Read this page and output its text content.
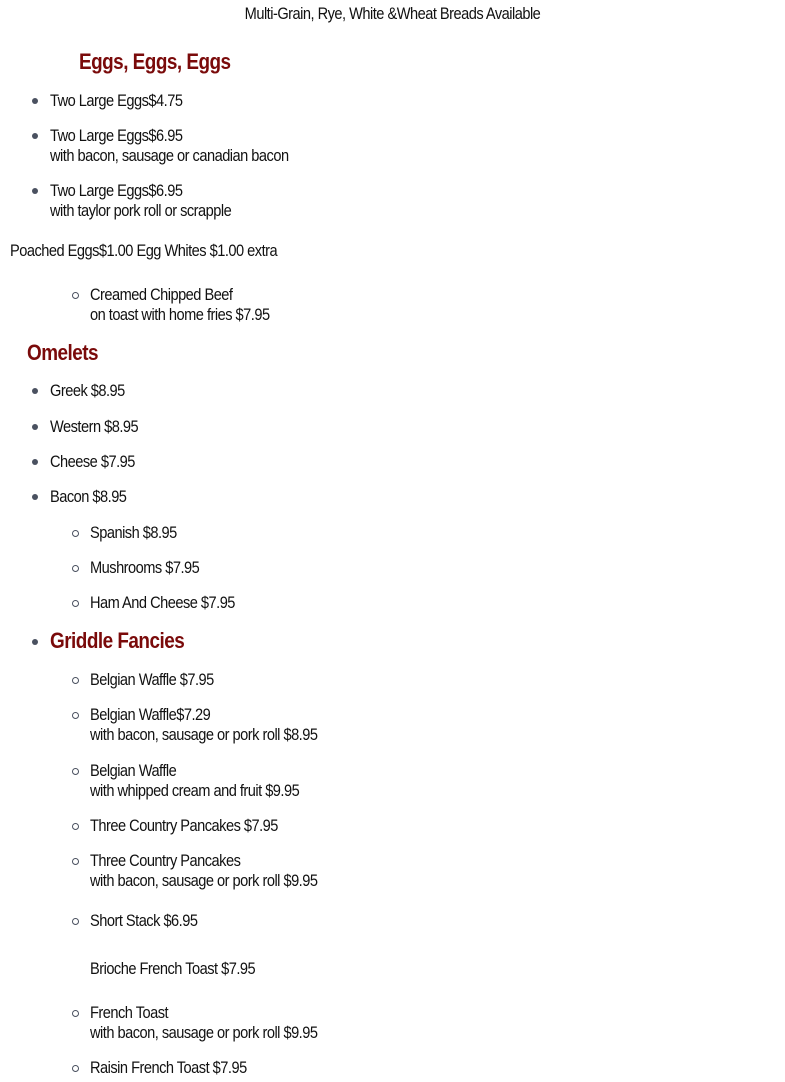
Multi-Grain, Rye, White &Wheat Breads Available
Eggs, Eggs, Eggs
Two Large Eggs$4.75
Two Large Eggs$6.95
with bacon, sausage or canadian bacon
Two Large Eggs$6.95
with taylor pork roll or scrapple
Poached Eggs$1.00 Egg Whites $1.00 extra
Creamed Chipped Beef
on toast with home fries $7.95
Omelets
Greek $8.95
Western $8.95
Cheese $7.95
Bacon $8.95
Spanish $8.95
Mushrooms $7.95
Ham And Cheese $7.95
Griddle Fancies
Belgian Waffle $7.95
Belgian Waffle$7.29
with bacon, sausage or pork roll $8.95
Belgian Waffle
with whipped cream and fruit $9.95
Three Country Pancakes $7.95
Three Country Pancakes
with bacon, sausage or pork roll $9.95
Short Stack $6.95
Brioche French Toast $7.95
French Toast
with bacon, sausage or pork roll $9.95
Raisin French Toast $7.95
